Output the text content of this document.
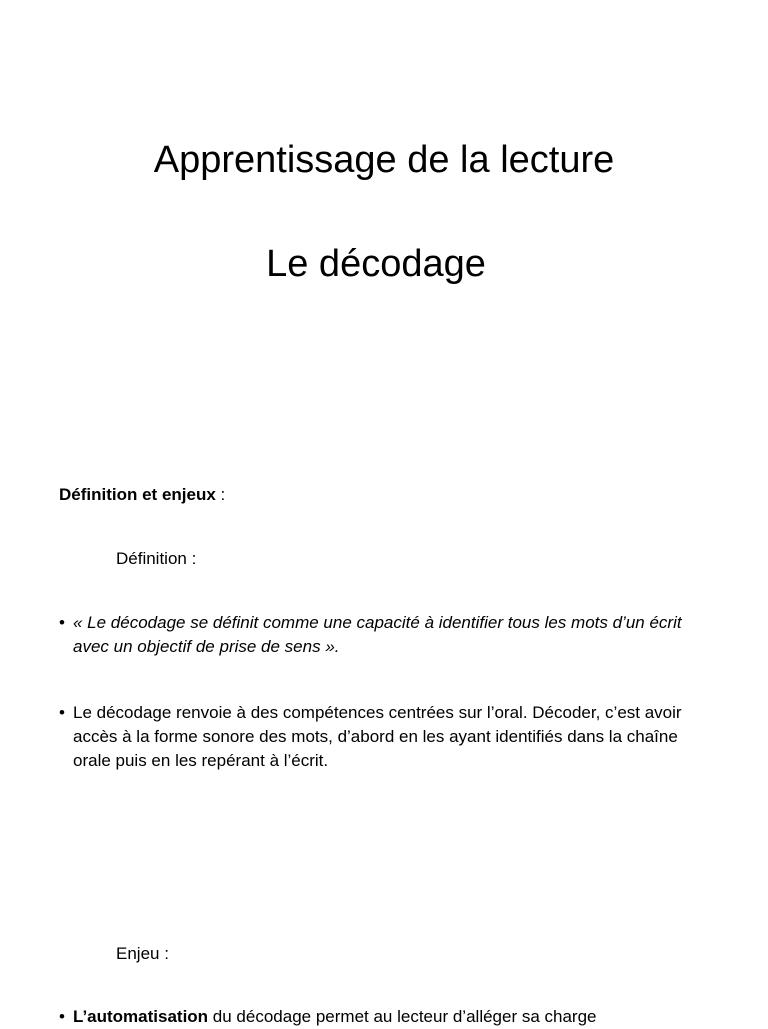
Apprentissage de la lecture
Le décodage

Définition et enjeux :

Définition :

• « Le décodage se définit comme une capacité à identifier tous les mots d’un écrit avec un objectif de prise de sens ».

• Le décodage renvoie à des compétences centrées sur l’oral. Décoder, c’est avoir accès à la forme sonore des mots, d’abord en les ayant identifiés dans la chaîne orale puis en les repérant à l’écrit.

Enjeu :

• L’automatisation du décodage permet au lecteur d’alléger sa charge
